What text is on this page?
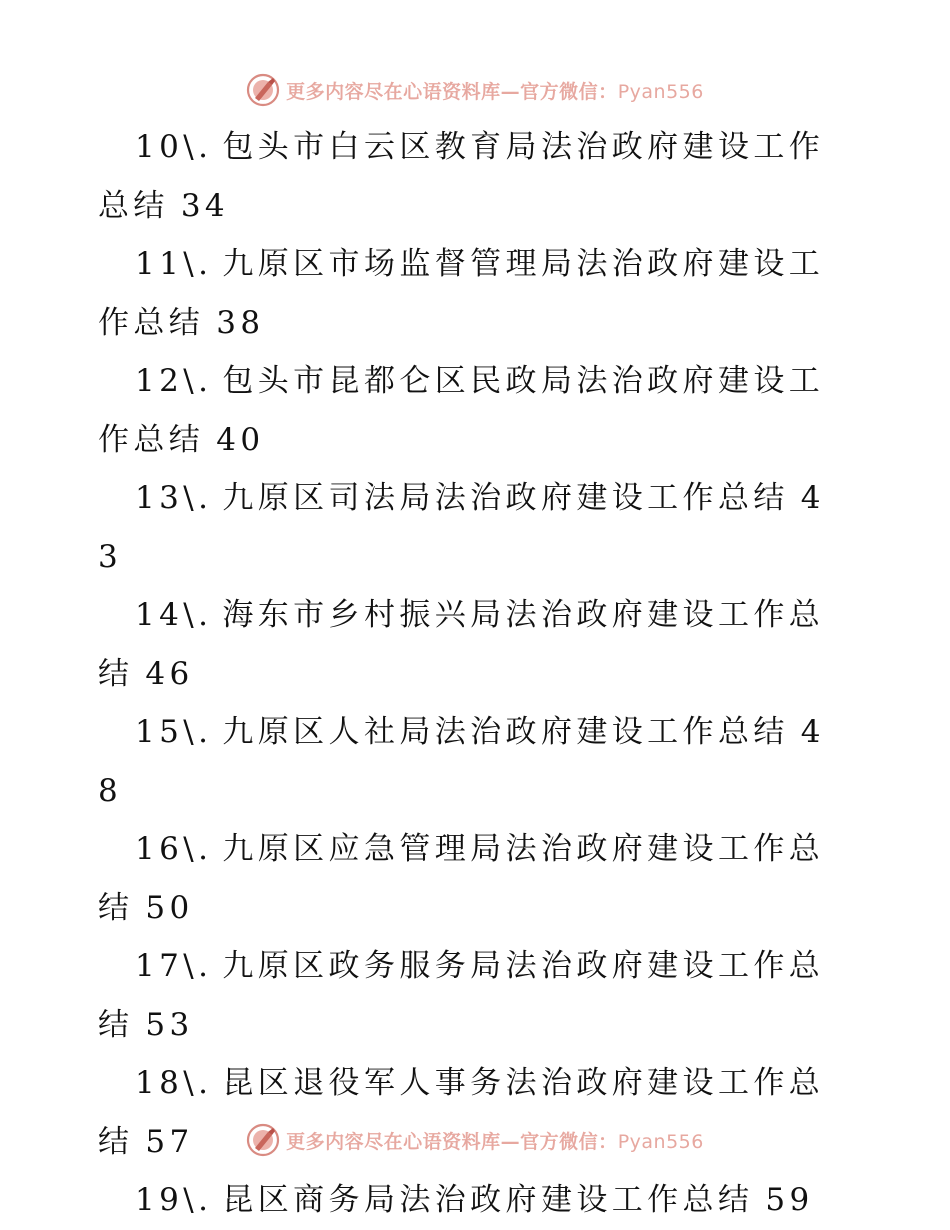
更多内容尽在心语资料库—官方微信：Pyan556

10\. 包头市白云区教育局法治政府建设工作总结 34

11\. 九原区市场监督管理局法治政府建设工作总结 38

12\. 包头市昆都仑区民政局法治政府建设工作总结 40

13\. 九原区司法局法治政府建设工作总结 43

14\. 海东市乡村振兴局法治政府建设工作总结 46

15\. 九原区人社局法治政府建设工作总结 48

16\. 九原区应急管理局法治政府建设工作总结 50

17\. 九原区政务服务局法治政府建设工作总结 53

18\. 昆区退役军人事务法治政府建设工作总结 57

19\. 昆区商务局法治政府建设工作总结 59

更多内容尽在心语资料库—官方微信：Pyan556
